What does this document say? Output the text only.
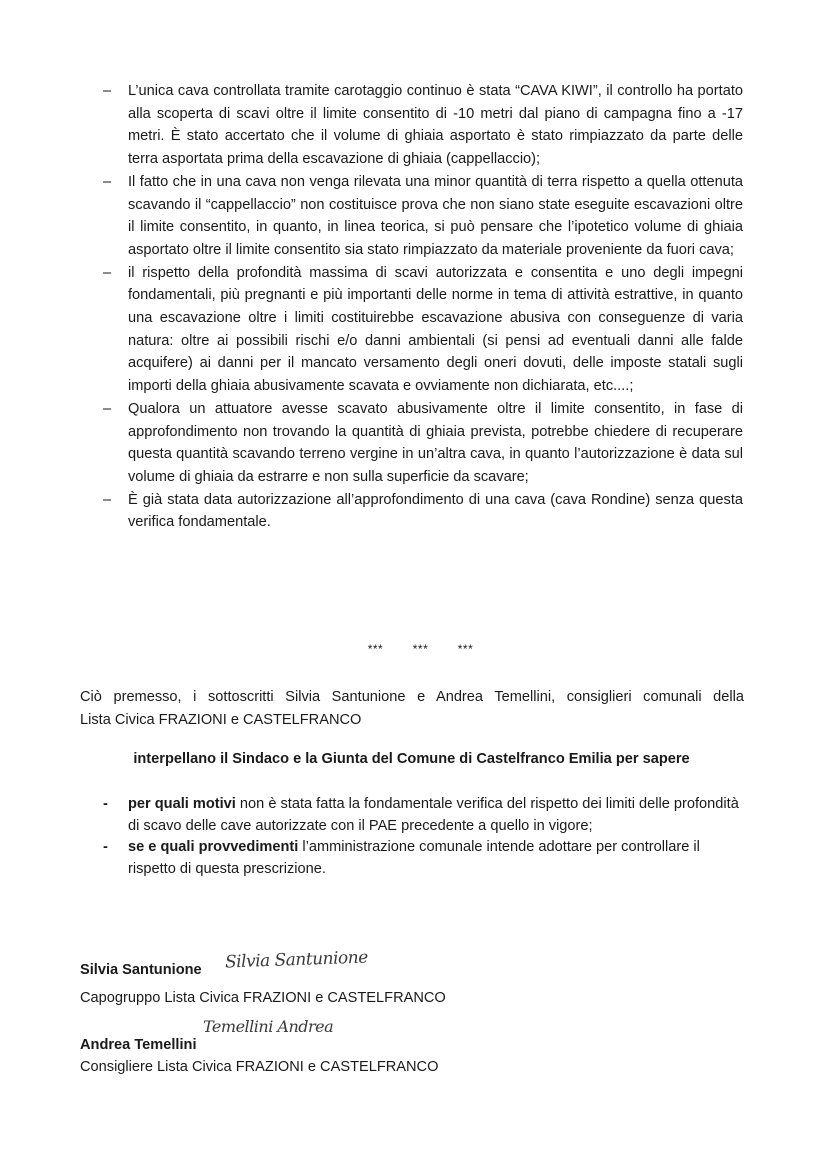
– L’unica cava controllata tramite carotaggio continuo è stata “CAVA KIWI”, il controllo ha portato alla scoperta di scavi oltre il limite consentito di -10 metri dal piano di campagna fino a -17 metri. È stato accertato che il volume di ghiaia asportato è stato rimpiazzato da parte delle terra asportata prima della escavazione di ghiaia (cappellaccio);
– Il fatto che in una cava non venga rilevata una minor quantità di terra rispetto a quella ottenuta scavando il “cappellaccio” non costituisce prova che non siano state eseguite escavazioni oltre il limite consentito, in quanto, in linea teorica, si può pensare che l’ipotetico volume di ghiaia asportato oltre il limite consentito sia stato rimpiazzato da materiale proveniente da fuori cava;
– il rispetto della profondità massima di scavi autorizzata e consentita e uno degli impegni fondamentali, più pregnanti e più importanti delle norme in tema di attività estrattive, in quanto una escavazione oltre i limiti costituirebbe escavazione abusiva con conseguenze di varia natura: oltre ai possibili rischi e/o danni ambientali (si pensi ad eventuali danni alle falde acquifere) ai danni per il mancato versamento degli oneri dovuti, delle imposte statali sugli importi della ghiaia abusivamente scavata e ovviamente non dichiarata, etc....;
– Qualora un attuatore avesse scavato abusivamente oltre il limite consentito, in fase di approfondimento non trovando la quantità di ghiaia prevista, potrebbe chiedere di recuperare questa quantità scavando terreno vergine in un’altra cava, in quanto l’autorizzazione è data sul volume di ghiaia da estrarre e non sulla superficie da scavare;
– È già stata data autorizzazione all’approfondimento di una cava (cava Rondine) senza questa verifica fondamentale.
***   ***   ***
Ciò premesso, i sottoscritti Silvia Santunione e Andrea Temellini, consiglieri comunali della
Lista Civica FRAZIONI e CASTELFRANCO
interpellano il Sindaco e la Giunta del Comune di Castelfranco Emilia per sapere
- per quali motivi non è stata fatta la fondamentale verifica del rispetto dei limiti delle profondità di scavo delle cave autorizzate con il PAE precedente a quello in vigore;
- se e quali provvedimenti l’amministrazione comunale intende adottare per controllare il rispetto di questa prescrizione.
Silvia Santunione Silvia Santunione
Capogruppo Lista Civica FRAZIONI e CASTELFRANCO
Andrea Temellini
Temellini Andrea
Consigliere Lista Civica FRAZIONI e CASTELFRANCO
